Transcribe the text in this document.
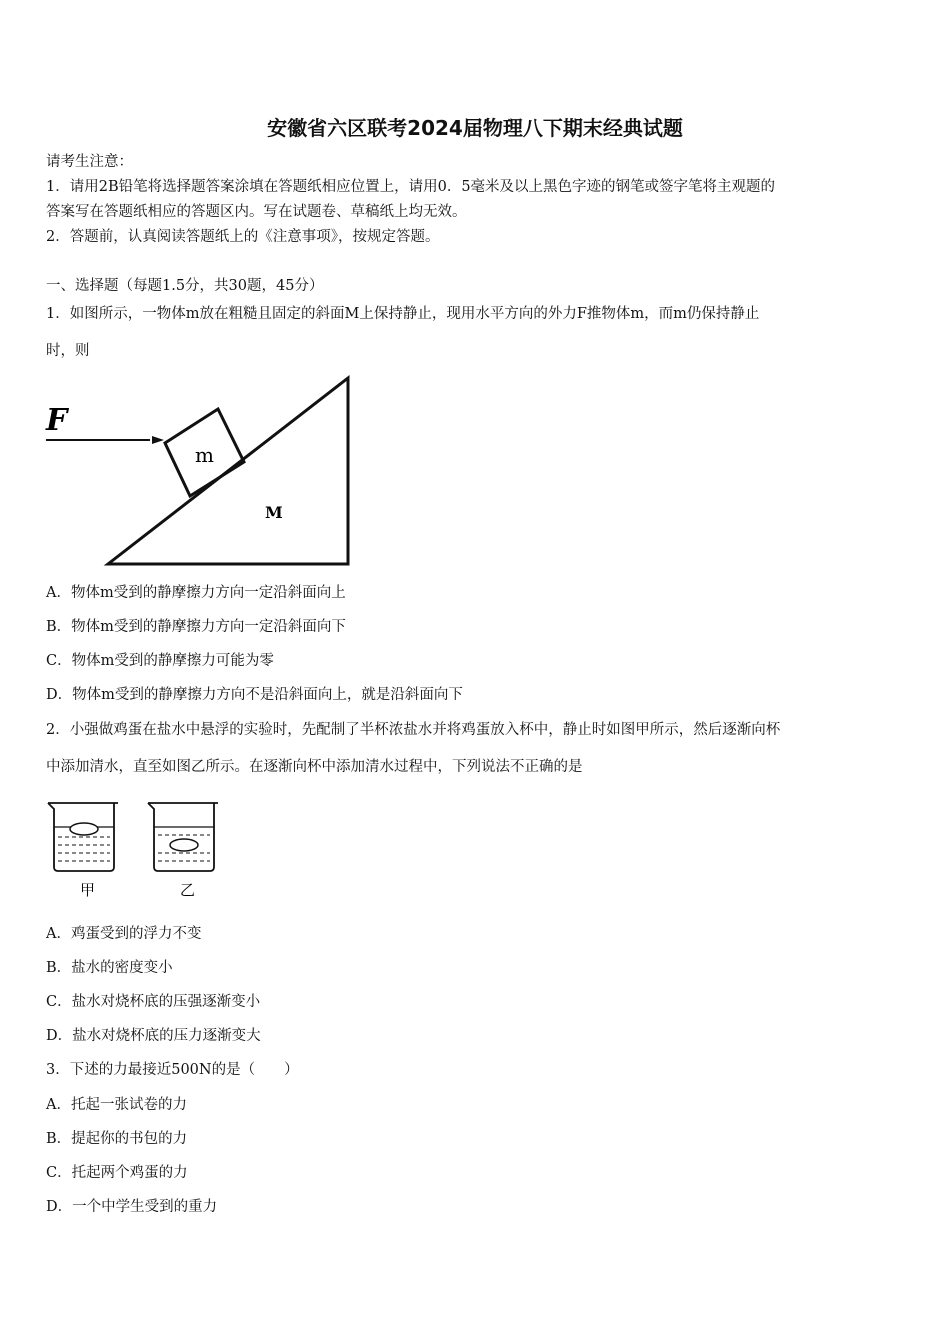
安徽省六区联考2024届物理八下期末经典试题
请考生注意：
1．请用2B铅笔将选择题答案涂填在答题纸相应位置上，请用0．5毫米及以上黑色字迹的钢笔或签字笔将主观题的
答案写在答题纸相应的答题区内。写在试题卷、草稿纸上均无效。
2．答题前，认真阅读答题纸上的《注意事项》，按规定答题。
一、选择题（每题1.5分，共30题，45分）
1．如图所示，一物体m放在粗糙且固定的斜面M上保持静止，现用水平方向的外力F推物体m，而m仍保持静止
时，则
F
m
M
A．物体m受到的静摩擦力方向一定沿斜面向上
B．物体m受到的静摩擦力方向一定沿斜面向下
C．物体m受到的静摩擦力可能为零
D．物体m受到的静摩擦力方向不是沿斜面向上，就是沿斜面向下
2．小强做鸡蛋在盐水中悬浮的实验时，先配制了半杯浓盐水并将鸡蛋放入杯中，静止时如图甲所示，然后逐渐向杯
中添加清水，直至如图乙所示。在逐渐向杯中添加清水过程中，下列说法不正确的是
甲	乙
A．鸡蛋受到的浮力不变
B．盐水的密度变小
C．盐水对烧杯底的压强逐渐变小
D．盐水对烧杯底的压力逐渐变大
3．下述的力最接近500N的是（　　）
A．托起一张试卷的力
B．提起你的书包的力
C．托起两个鸡蛋的力
D．一个中学生受到的重力
